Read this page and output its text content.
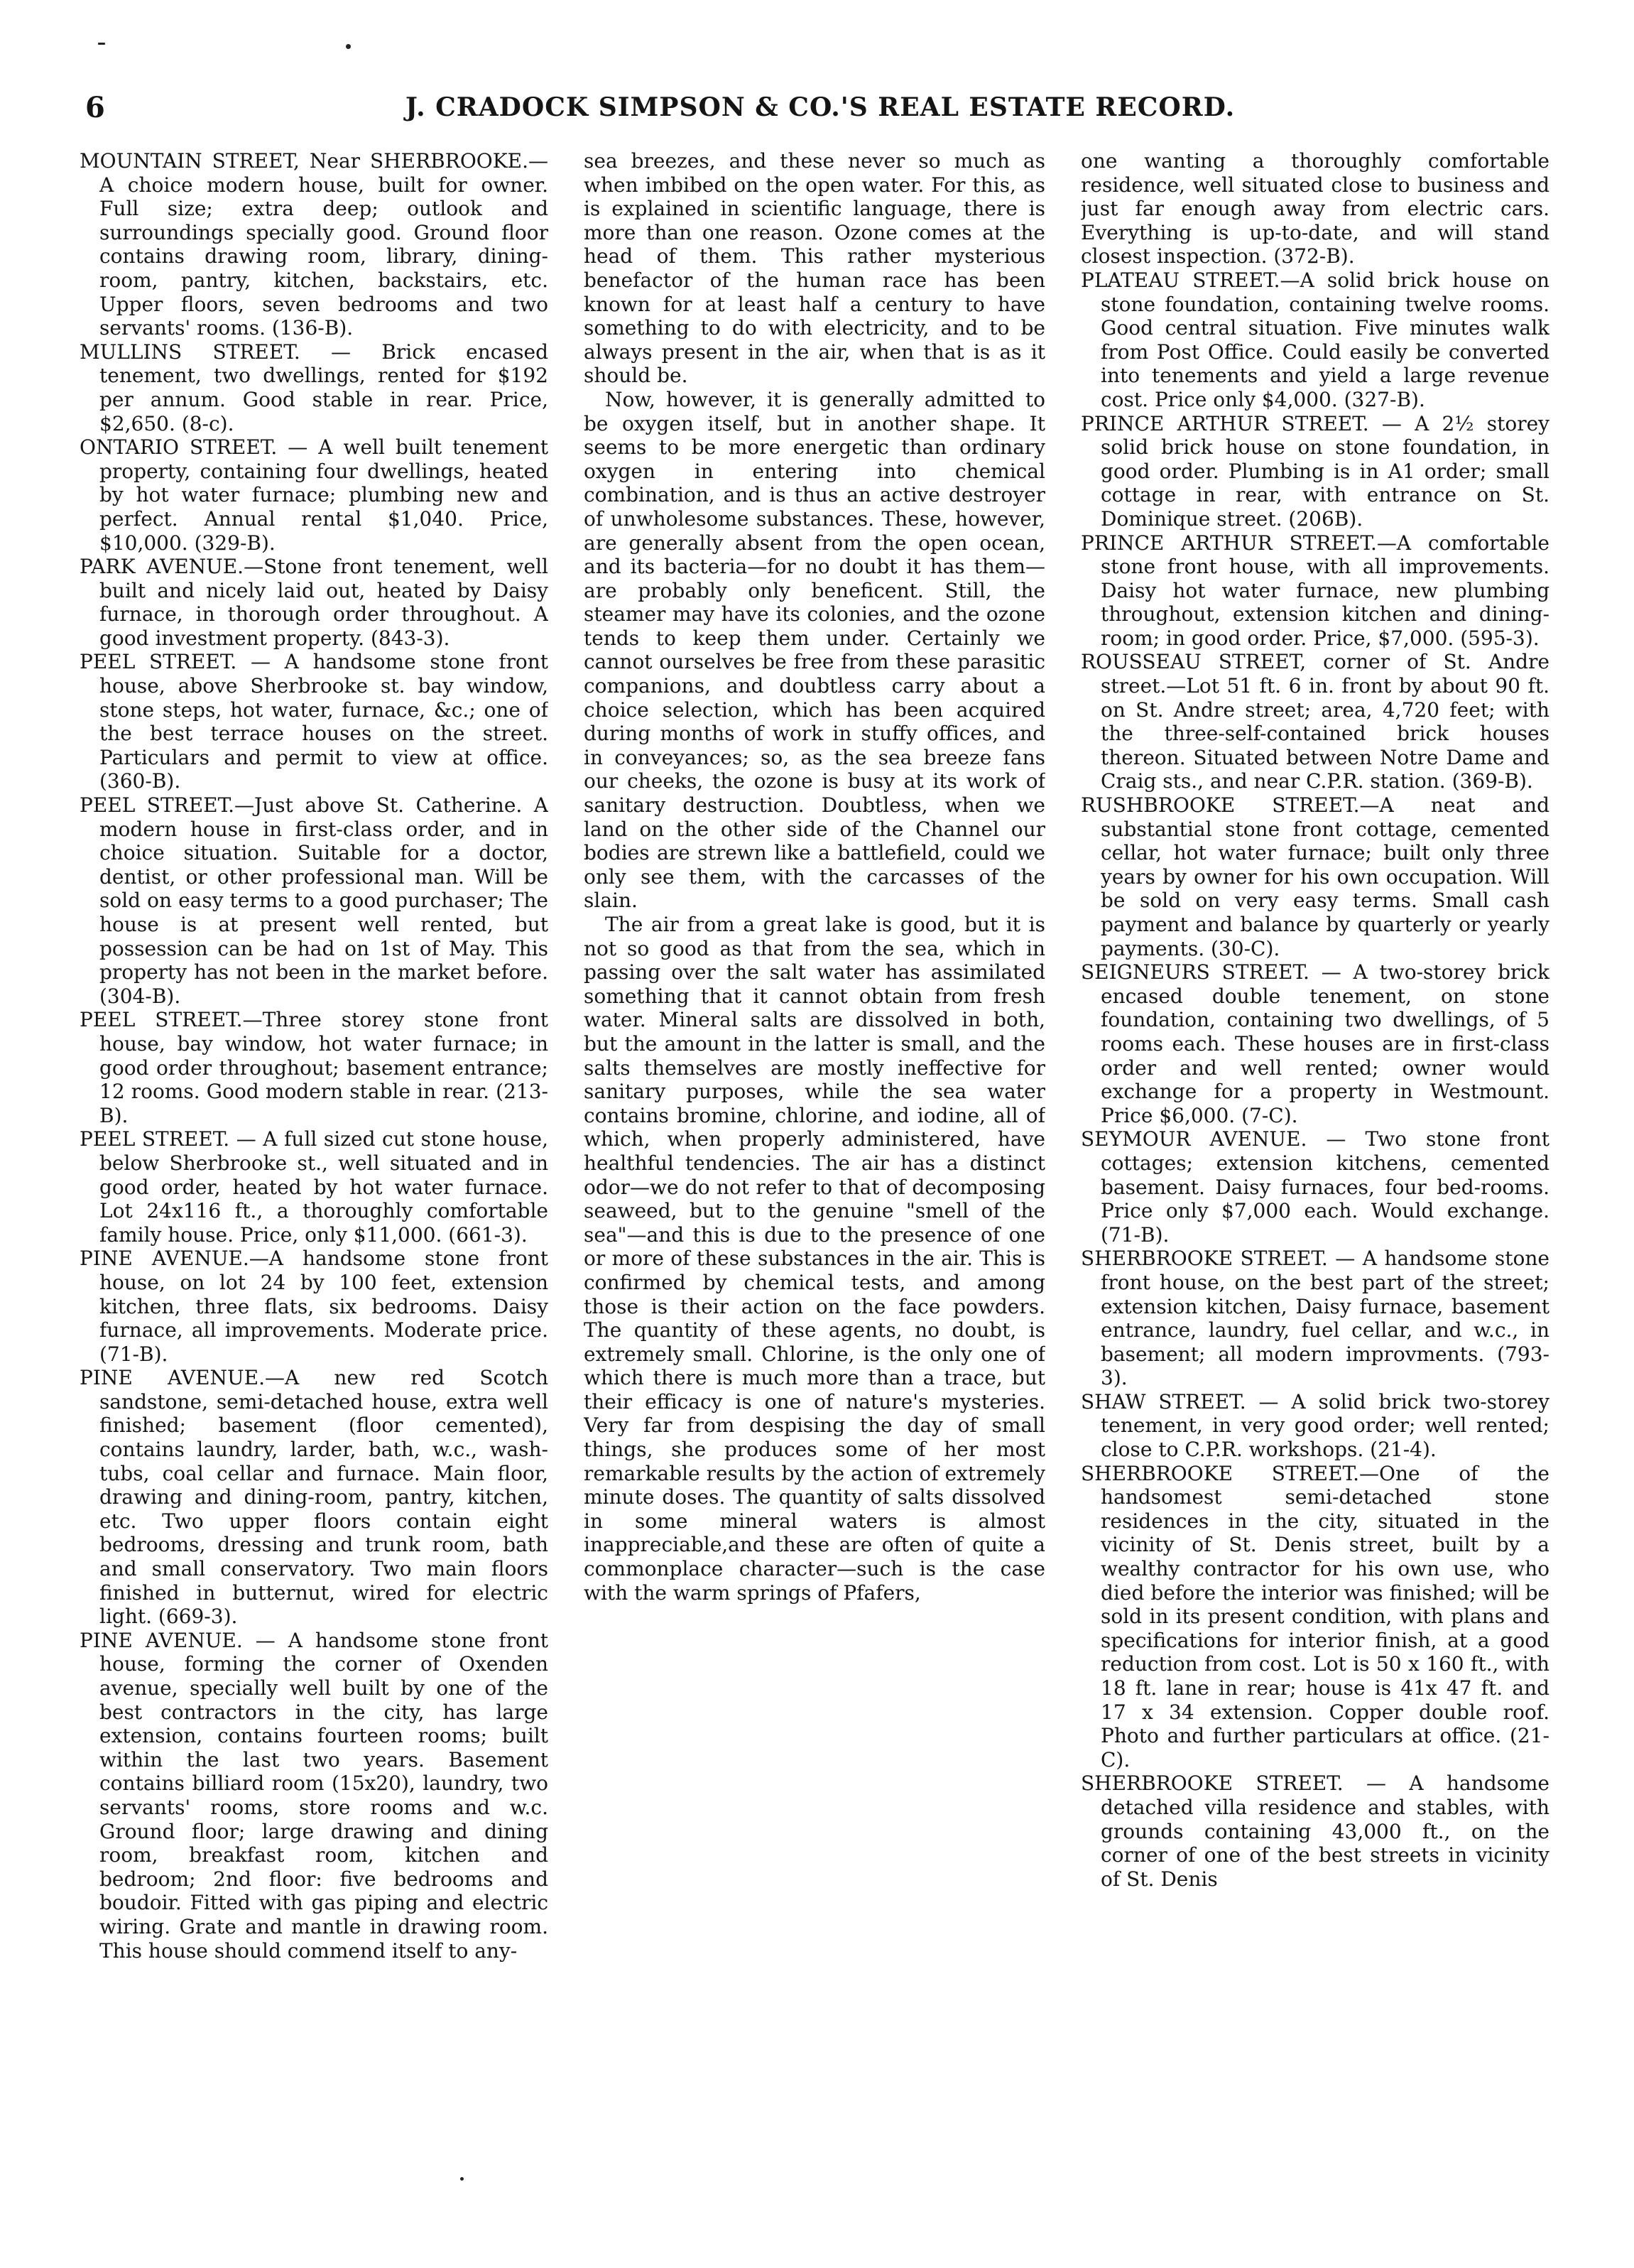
6	J. CRADOCK SIMPSON & CO.'S REAL ESTATE RECORD.

MOUNTAIN STREET, Near SHERBROOKE.—A choice modern house, built for owner. Full size; extra deep; outlook and surroundings specially good. Ground floor contains drawing room, library, dining-room, pantry, kitchen, backstairs, etc. Upper floors, seven bedrooms and two servants' rooms. (136-B).

MULLINS STREET. — Brick encased tenement, two dwellings, rented for $192 per annum. Good stable in rear. Price, $2,650. (8-c).

ONTARIO STREET. — A well built tenement property, containing four dwellings, heated by hot water furnace; plumbing new and perfect. Annual rental $1,040. Price, $10,000. (329-B).

PARK AVENUE.—Stone front tenement, well built and nicely laid out, heated by Daisy furnace, in thorough order throughout. A good investment property. (843-3).

PEEL STREET. — A handsome stone front house, above Sherbrooke st. bay window, stone steps, hot water, furnace, &c.; one of the best terrace houses on the street. Particulars and permit to view at office. (360-B).

PEEL STREET.—Just above St. Catherine. A modern house in first-class order, and in choice situation. Suitable for a doctor, dentist, or other professional man. Will be sold on easy terms to a good purchaser; The house is at present well rented, but possession can be had on 1st of May. This property has not been in the market before. (304-B).

PEEL STREET.—Three storey stone front house, bay window, hot water furnace; in good order throughout; basement entrance; 12 rooms. Good modern stable in rear. (213-B).

PEEL STREET. — A full sized cut stone house, below Sherbrooke st., well situated and in good order, heated by hot water furnace. Lot 24x116 ft., a thoroughly comfortable family house. Price, only $11,000. (661-3).

PINE AVENUE.—A handsome stone front house, on lot 24 by 100 feet, extension kitchen, three flats, six bedrooms. Daisy furnace, all improvements. Moderate price. (71-B).

PINE AVENUE.—A new red Scotch sandstone, semi-detached house, extra well finished; basement (floor cemented), contains laundry, larder, bath, w.c., wash-tubs, coal cellar and furnace. Main floor, drawing and dining-room, pantry, kitchen, etc. Two upper floors contain eight bedrooms, dressing and trunk room, bath and small conservatory. Two main floors finished in butternut, wired for electric light. (669-3).

PINE AVENUE. — A handsome stone front house, forming the corner of Oxenden avenue, specially well built by one of the best contractors in the city, has large extension, contains fourteen rooms; built within the last two years. Basement contains billiard room (15x20), laundry, two servants' rooms, store rooms and w.c. Ground floor; large drawing and dining room, breakfast room, kitchen and bedroom; 2nd floor: five bedrooms and boudoir. Fitted with gas piping and electric wiring. Grate and mantle in drawing room. This house should commend itself to any-

sea breezes, and these never so much as when imbibed on the open water. For this, as is explained in scientific language, there is more than one reason. Ozone comes at the head of them. This rather mysterious benefactor of the human race has been known for at least half a century to have something to do with electricity, and to be always present in the air, when that is as it should be.

Now, however, it is generally admitted to be oxygen itself, but in another shape. It seems to be more energetic than ordinary oxygen in entering into chemical combination, and is thus an active destroyer of unwholesome substances. These, however, are generally absent from the open ocean, and its bacteria—for no doubt it has them—are probably only beneficent. Still, the steamer may have its colonies, and the ozone tends to keep them under. Certainly we cannot ourselves be free from these parasitic companions, and doubtless carry about a choice selection, which has been acquired during months of work in stuffy offices, and in conveyances; so, as the sea breeze fans our cheeks, the ozone is busy at its work of sanitary destruction. Doubtless, when we land on the other side of the Channel our bodies are strewn like a battlefield, could we only see them, with the carcasses of the slain.

The air from a great lake is good, but it is not so good as that from the sea, which in passing over the salt water has assimilated something that it cannot obtain from fresh water. Mineral salts are dissolved in both, but the amount in the latter is small, and the salts themselves are mostly ineffective for sanitary purposes, while the sea water contains bromine, chlorine, and iodine, all of which, when properly administered, have healthful tendencies. The air has a distinct odor—we do not refer to that of decomposing seaweed, but to the genuine "smell of the sea"—and this is due to the presence of one or more of these substances in the air. This is confirmed by chemical tests, and among those is their action on the face powders. The quantity of these agents, no doubt, is extremely small. Chlorine, is the only one of which there is much more than a trace, but their efficacy is one of nature's mysteries. Very far from despising the day of small things, she produces some of her most remarkable results by the action of extremely minute doses. The quantity of salts dissolved in some mineral waters is almost inappreciable,and these are often of quite a commonplace character—such is the case with the warm springs of Pfafers,

one wanting a thoroughly comfortable residence, well situated close to business and just far enough away from electric cars. Everything is up-to-date, and will stand closest inspection. (372-B).

PLATEAU STREET.—A solid brick house on stone foundation, containing twelve rooms. Good central situation. Five minutes walk from Post Office. Could easily be converted into tenements and yield a large revenue cost. Price only $4,000. (327-B).

PRINCE ARTHUR STREET. — A 2½ storey solid brick house on stone foundation, in good order. Plumbing is in A1 order; small cottage in rear, with entrance on St. Dominique street. (206B).

PRINCE ARTHUR STREET.—A comfortable stone front house, with all improvements. Daisy hot water furnace, new plumbing throughout, extension kitchen and dining-room; in good order. Price, $7,000. (595-3).

ROUSSEAU STREET, corner of St. Andre street.—Lot 51 ft. 6 in. front by about 90 ft. on St. Andre street; area, 4,720 feet; with the three-self-contained brick houses thereon. Situated between Notre Dame and Craig sts., and near C.P.R. station. (369-B).

RUSHBROOKE STREET.—A neat and substantial stone front cottage, cemented cellar, hot water furnace; built only three years by owner for his own occupation. Will be sold on very easy terms. Small cash payment and balance by quarterly or yearly payments. (30-C).

SEIGNEURS STREET. — A two-storey brick encased double tenement, on stone foundation, containing two dwellings, of 5 rooms each. These houses are in first-class order and well rented; owner would exchange for a property in Westmount. Price $6,000. (7-C).

SEYMOUR AVENUE. — Two stone front cottages; extension kitchens, cemented basement. Daisy furnaces, four bed-rooms. Price only $7,000 each. Would exchange. (71-B).

SHERBROOKE STREET. — A handsome stone front house, on the best part of the street; extension kitchen, Daisy furnace, basement entrance, laundry, fuel cellar, and w.c., in basement; all modern improvments. (793-3).

SHAW STREET. — A solid brick two-storey tenement, in very good order; well rented; close to C.P.R. workshops. (21-4).

SHERBROOKE STREET.—One of the handsomest semi-detached stone residences in the city, situated in the vicinity of St. Denis street, built by a wealthy contractor for his own use, who died before the interior was finished; will be sold in its present condition, with plans and specifications for interior finish, at a good reduction from cost. Lot is 50 x 160 ft., with 18 ft. lane in rear; house is 41x 47 ft. and 17 x 34 extension. Copper double roof. Photo and further particulars at office. (21-C).

SHERBROOKE STREET. — A handsome detached villa residence and stables, with grounds containing 43,000 ft., on the corner of one of the best streets in vicinity of St. Denis
